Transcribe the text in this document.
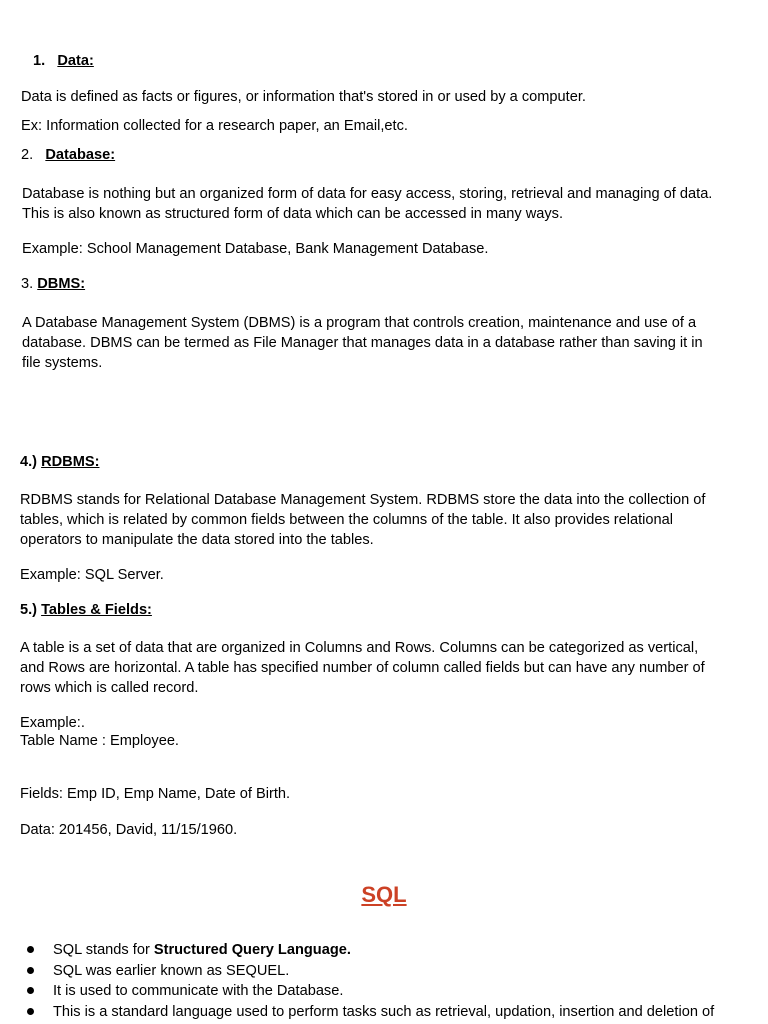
1. Data:

Data is defined as facts or figures, or information that's stored in or used by a computer.

Ex: Information collected for a research paper, an Email,etc.

2. Database:

Database is nothing but an organized form of data for easy access, storing, retrieval and managing of data.

This is also known as structured form of data which can be accessed in many ways.

Example: School Management Database, Bank Management Database.

3. DBMS:

A Database Management System (DBMS) is a program that controls creation, maintenance and use of a

database. DBMS can be termed as File Manager that manages data in a database rather than saving it in

file systems.

4.) RDBMS:

RDBMS stands for Relational Database Management System. RDBMS store the data into the collection of

tables, which is related by common fields between the columns of the table. It also provides relational

operators to manipulate the data stored into the tables.

Example: SQL Server.

5.) Tables & Fields:

A table is a set of data that are organized in Columns and Rows. Columns can be categorized as vertical,

and Rows are horizontal. A table has specified number of column called fields but can have any number of

rows which is called record.

Example:.

Table Name : Employee.

Fields: Emp ID, Emp Name, Date of Birth.

Data: 201456, David, 11/15/1960.

SQL
SQL stands for Structured Query Language.
SQL was earlier known as SEQUEL.
It is used to communicate with the Database.
This is a standard language used to perform tasks such as retrieval, updation, insertion and deletion of
